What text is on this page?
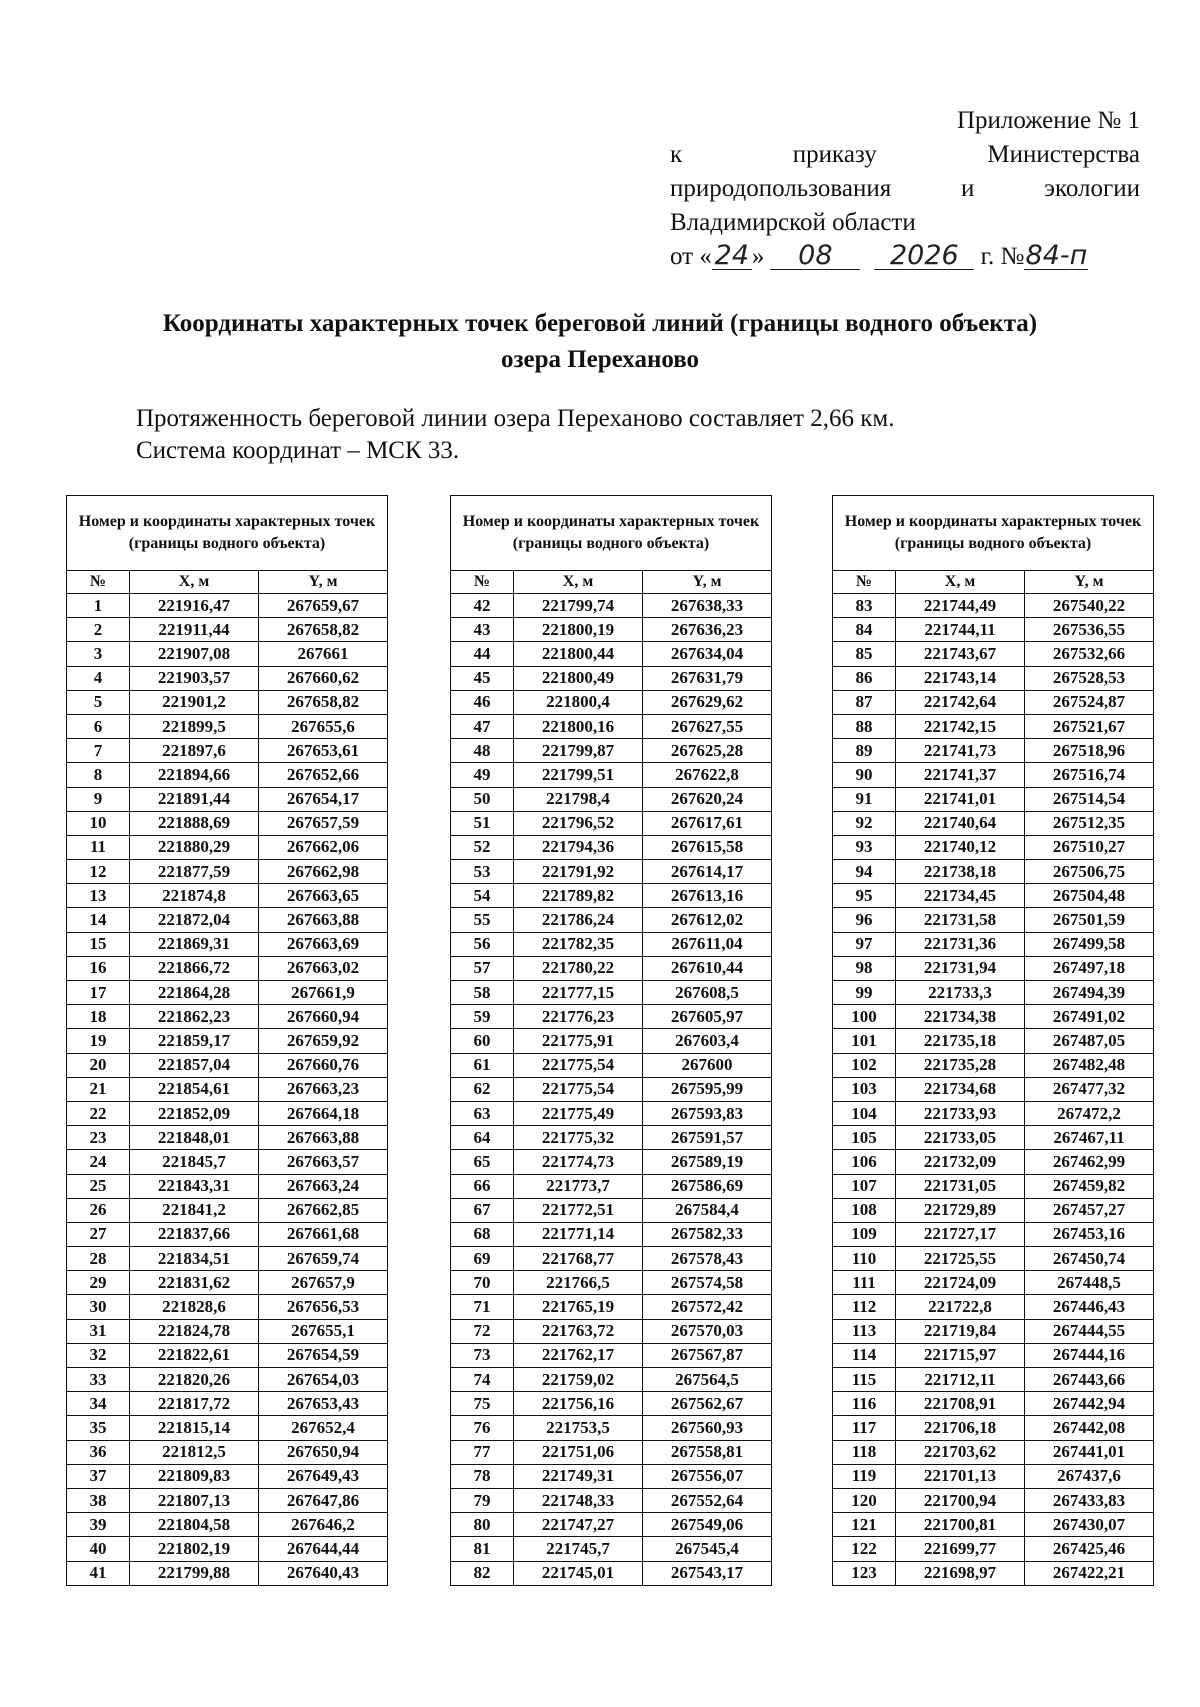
Приложение № 1
к	приказу	Министерства
природопользования	и	экологии
Владимирской области
от « 24 » 08 2026 г. №84-п
Координаты характерных точек береговой линий (границы водного объекта)
озера Переханово
Протяженность береговой линии озера Переханово составляет 2,66 км.
Система координат – МСК 33.
Номер и координаты характерных точек (границы водного объекта)		
№	X, м	Y, м
1	221916,47	267659,67
2	221911,44	267658,82
3	221907,08	267661
4	221903,57	267660,62
5	221901,2	267658,82
6	221899,5	267655,6
7	221897,6	267653,61
8	221894,66	267652,66
9	221891,44	267654,17
10	221888,69	267657,59
11	221880,29	267662,06
12	221877,59	267662,98
13	221874,8	267663,65
14	221872,04	267663,88
15	221869,31	267663,69
16	221866,72	267663,02
17	221864,28	267661,9
18	221862,23	267660,94
19	221859,17	267659,92
20	221857,04	267660,76
21	221854,61	267663,23
22	221852,09	267664,18
23	221848,01	267663,88
24	221845,7	267663,57
25	221843,31	267663,24
26	221841,2	267662,85
27	221837,66	267661,68
28	221834,51	267659,74
29	221831,62	267657,9
30	221828,6	267656,53
31	221824,78	267655,1
32	221822,61	267654,59
33	221820,26	267654,03
34	221817,72	267653,43
35	221815,14	267652,4
36	221812,5	267650,94
37	221809,83	267649,43
38	221807,13	267647,86
39	221804,58	267646,2
40	221802,19	267644,44
41	221799,88	267640,43
Номер и координаты характерных точек (границы водного объекта)		
№	X, м	Y, м
42	221799,74	267638,33
43	221800,19	267636,23
44	221800,44	267634,04
45	221800,49	267631,79
46	221800,4	267629,62
47	221800,16	267627,55
48	221799,87	267625,28
49	221799,51	267622,8
50	221798,4	267620,24
51	221796,52	267617,61
52	221794,36	267615,58
53	221791,92	267614,17
54	221789,82	267613,16
55	221786,24	267612,02
56	221782,35	267611,04
57	221780,22	267610,44
58	221777,15	267608,5
59	221776,23	267605,97
60	221775,91	267603,4
61	221775,54	267600
62	221775,54	267595,99
63	221775,49	267593,83
64	221775,32	267591,57
65	221774,73	267589,19
66	221773,7	267586,69
67	221772,51	267584,4
68	221771,14	267582,33
69	221768,77	267578,43
70	221766,5	267574,58
71	221765,19	267572,42
72	221763,72	267570,03
73	221762,17	267567,87
74	221759,02	267564,5
75	221756,16	267562,67
76	221753,5	267560,93
77	221751,06	267558,81
78	221749,31	267556,07
79	221748,33	267552,64
80	221747,27	267549,06
81	221745,7	267545,4
82	221745,01	267543,17
Номер и координаты характерных точек (границы водного объекта)		
№	X, м	Y, м
83	221744,49	267540,22
84	221744,11	267536,55
85	221743,67	267532,66
86	221743,14	267528,53
87	221742,64	267524,87
88	221742,15	267521,67
89	221741,73	267518,96
90	221741,37	267516,74
91	221741,01	267514,54
92	221740,64	267512,35
93	221740,12	267510,27
94	221738,18	267506,75
95	221734,45	267504,48
96	221731,58	267501,59
97	221731,36	267499,58
98	221731,94	267497,18
99	221733,3	267494,39
100	221734,38	267491,02
101	221735,18	267487,05
102	221735,28	267482,48
103	221734,68	267477,32
104	221733,93	267472,2
105	221733,05	267467,11
106	221732,09	267462,99
107	221731,05	267459,82
108	221729,89	267457,27
109	221727,17	267453,16
110	221725,55	267450,74
111	221724,09	267448,5
112	221722,8	267446,43
113	221719,84	267444,55
114	221715,97	267444,16
115	221712,11	267443,66
116	221708,91	267442,94
117	221706,18	267442,08
118	221703,62	267441,01
119	221701,13	267437,6
120	221700,94	267433,83
121	221700,81	267430,07
122	221699,77	267425,46
123	221698,97	267422,21
